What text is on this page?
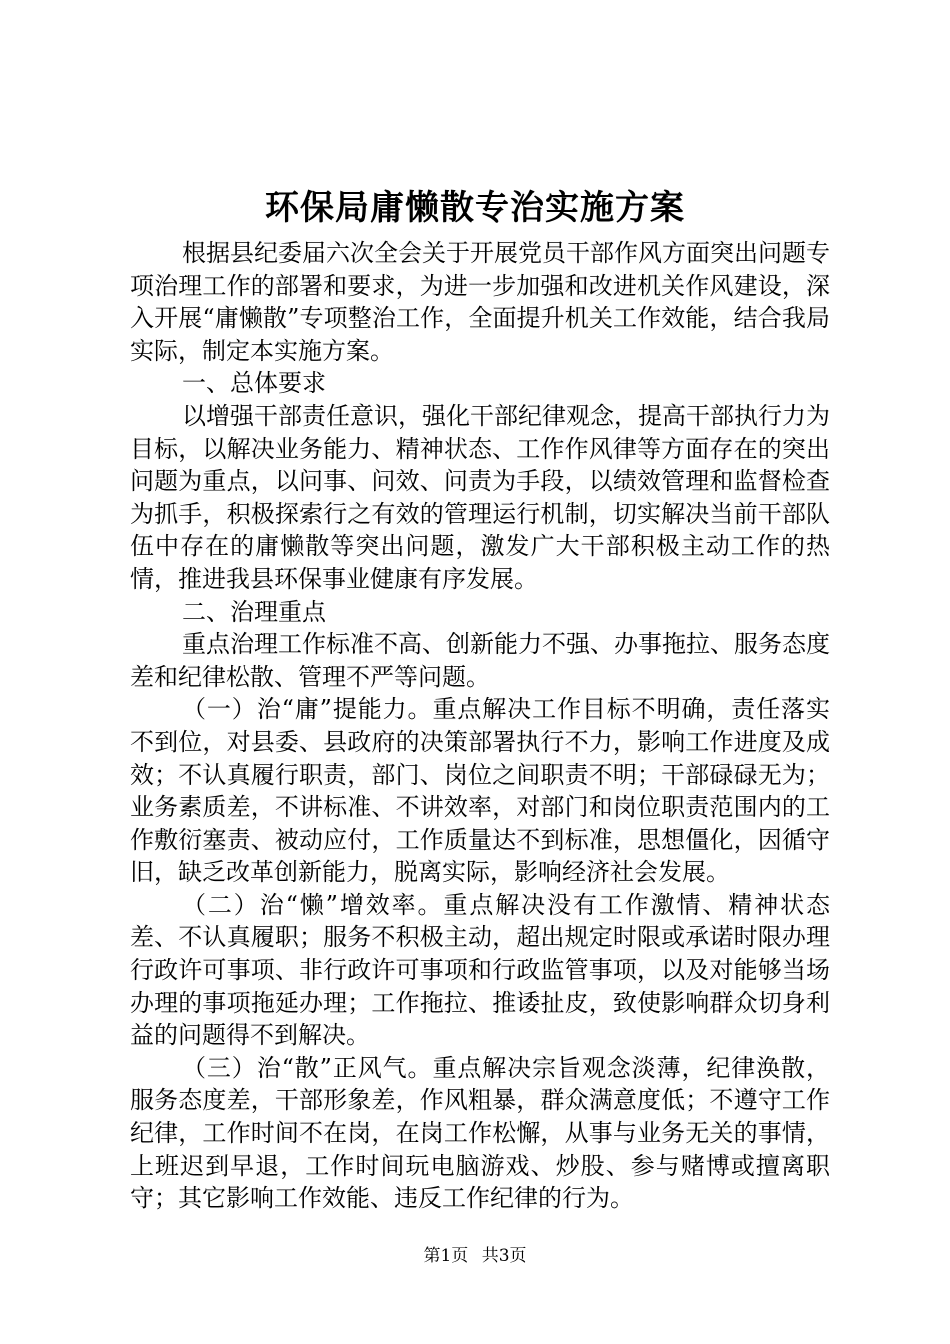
环保局庸懒散专治实施方案

根据县纪委届六次全会关于开展党员干部作风方面突出问题专项治理工作的部署和要求，为进一步加强和改进机关作风建设，深入开展“庸懒散”专项整治工作，全面提升机关工作效能，结合我局实际，制定本实施方案。

一、总体要求

以增强干部责任意识，强化干部纪律观念，提高干部执行力为目标，以解决业务能力、精神状态、工作作风律等方面存在的突出问题为重点，以问事、问效、问责为手段，以绩效管理和监督检查为抓手，积极探索行之有效的管理运行机制，切实解决当前干部队伍中存在的庸懒散等突出问题，激发广大干部积极主动工作的热情，推进我县环保事业健康有序发展。

二、治理重点

重点治理工作标准不高、创新能力不强、办事拖拉、服务态度差和纪律松散、管理不严等问题。

（一）治“庸”提能力。重点解决工作目标不明确，责任落实不到位，对县委、县政府的决策部署执行不力，影响工作进度及成效；不认真履行职责，部门、岗位之间职责不明；干部碌碌无为；业务素质差，不讲标准、不讲效率，对部门和岗位职责范围内的工作敷衍塞责、被动应付，工作质量达不到标准，思想僵化，因循守旧，缺乏改革创新能力，脱离实际，影响经济社会发展。

（二）治“懒”增效率。重点解决没有工作激情、精神状态差、不认真履职；服务不积极主动，超出规定时限或承诺时限办理行政许可事项、非行政许可事项和行政监管事项，以及对能够当场办理的事项拖延办理；工作拖拉、推诿扯皮，致使影响群众切身利益的问题得不到解决。

（三）治“散”正风气。重点解决宗旨观念淡薄，纪律涣散，服务态度差，干部形象差，作风粗暴，群众满意度低；不遵守工作纪律，工作时间不在岗，在岗工作松懈，从事与业务无关的事情，上班迟到早退，工作时间玩电脑游戏、炒股、参与赌博或擅离职守；其它影响工作效能、违反工作纪律的行为。

第1页 共3页
